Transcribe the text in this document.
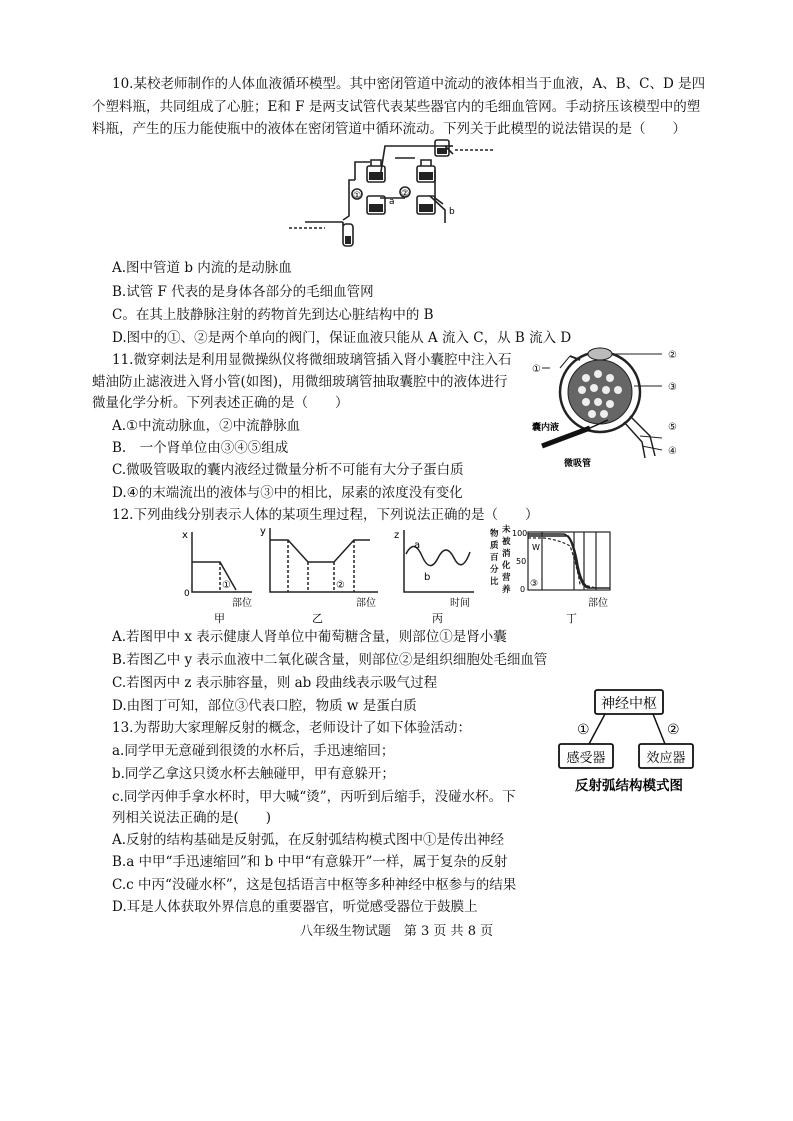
10.某校老师制作的人体血液循环模型。其中密闭管道中流动的液体相当于血液，A、B、C、D 是四
个塑料瓶，共同组成了心脏；E和 F 是两支试管代表某些器官内的毛细血管网。手动挤压该模型中的塑
料瓶，产生的压力能使瓶中的液体在密闭管道中循环流动。下列关于此模型的说法错误的是（　　）
①	②
a
b
A.图中管道 b 内流的是动脉血
B.试管 F 代表的是身体各部分的毛细血管网
C。在其上肢静脉注射的药物首先到达心脏结构中的 B
D.图中的①、②是两个单向的阀门，保证血液只能从 A 流入 C，从 B 流入 D
11.微穿刺法是利用显微操纵仪将微细玻璃管插入肾小囊腔中注入石
蜡油防止滤液进入肾小管(如图)，用微细玻璃管抽取囊腔中的液体进行
微量化学分析。下列表述正确的是（　　）
①
②
③
④
⑤
囊内液
微吸管
A.①中流动脉血，②中流静脉血
B.　一个肾单位由③④⑤组成
C.微吸管吸取的囊内液经过微量分析不可能有大分子蛋白质
D.④的末端流出的液体与③中的相比，尿素的浓度没有变化
12.下列曲线分别表示人体的某项生理过程，下列说法正确的是（　　）
x
0
①
部位
甲
y
②
部位
乙
z
a
b
时间
丙
物
质
百
分
比
未
被
消
化
营
养
100
50
0
W
③
部位
丁
A.若图甲中 x 表示健康人肾单位中葡萄糖含量，则部位①是肾小囊
B.若图乙中 y 表示血液中二氧化碳含量，则部位②是组织细胞处毛细血管
C.若图丙中 z 表示肺容量，则 ab 段曲线表示吸气过程
D.由图丁可知，部位③代表口腔，物质 w 是蛋白质
13.为帮助大家理解反射的概念，老师设计了如下体验活动：
a.同学甲无意碰到很烫的水杯后，手迅速缩回；
b.同学乙拿这只烫水杯去触碰甲，甲有意躲开；
c.同学丙伸手拿水杯时，甲大喊“烫”，丙听到后缩手，没碰水杯。下
列相关说法正确的是(　　)
神经中枢
感受器	效应器
①	②
反射弧结构模式图
A.反射的结构基础是反射弧，在反射弧结构模式图中①是传出神经
B.a 中甲“手迅速缩回”和 b 中甲“有意躲开”一样，属于复杂的反射
C.c 中丙“没碰水杯”，这是包括语言中枢等多种神经中枢参与的结果
D.耳是人体获取外界信息的重要器官，听觉感受器位于鼓膜上
八年级生物试题　第 3 页 共 8 页
